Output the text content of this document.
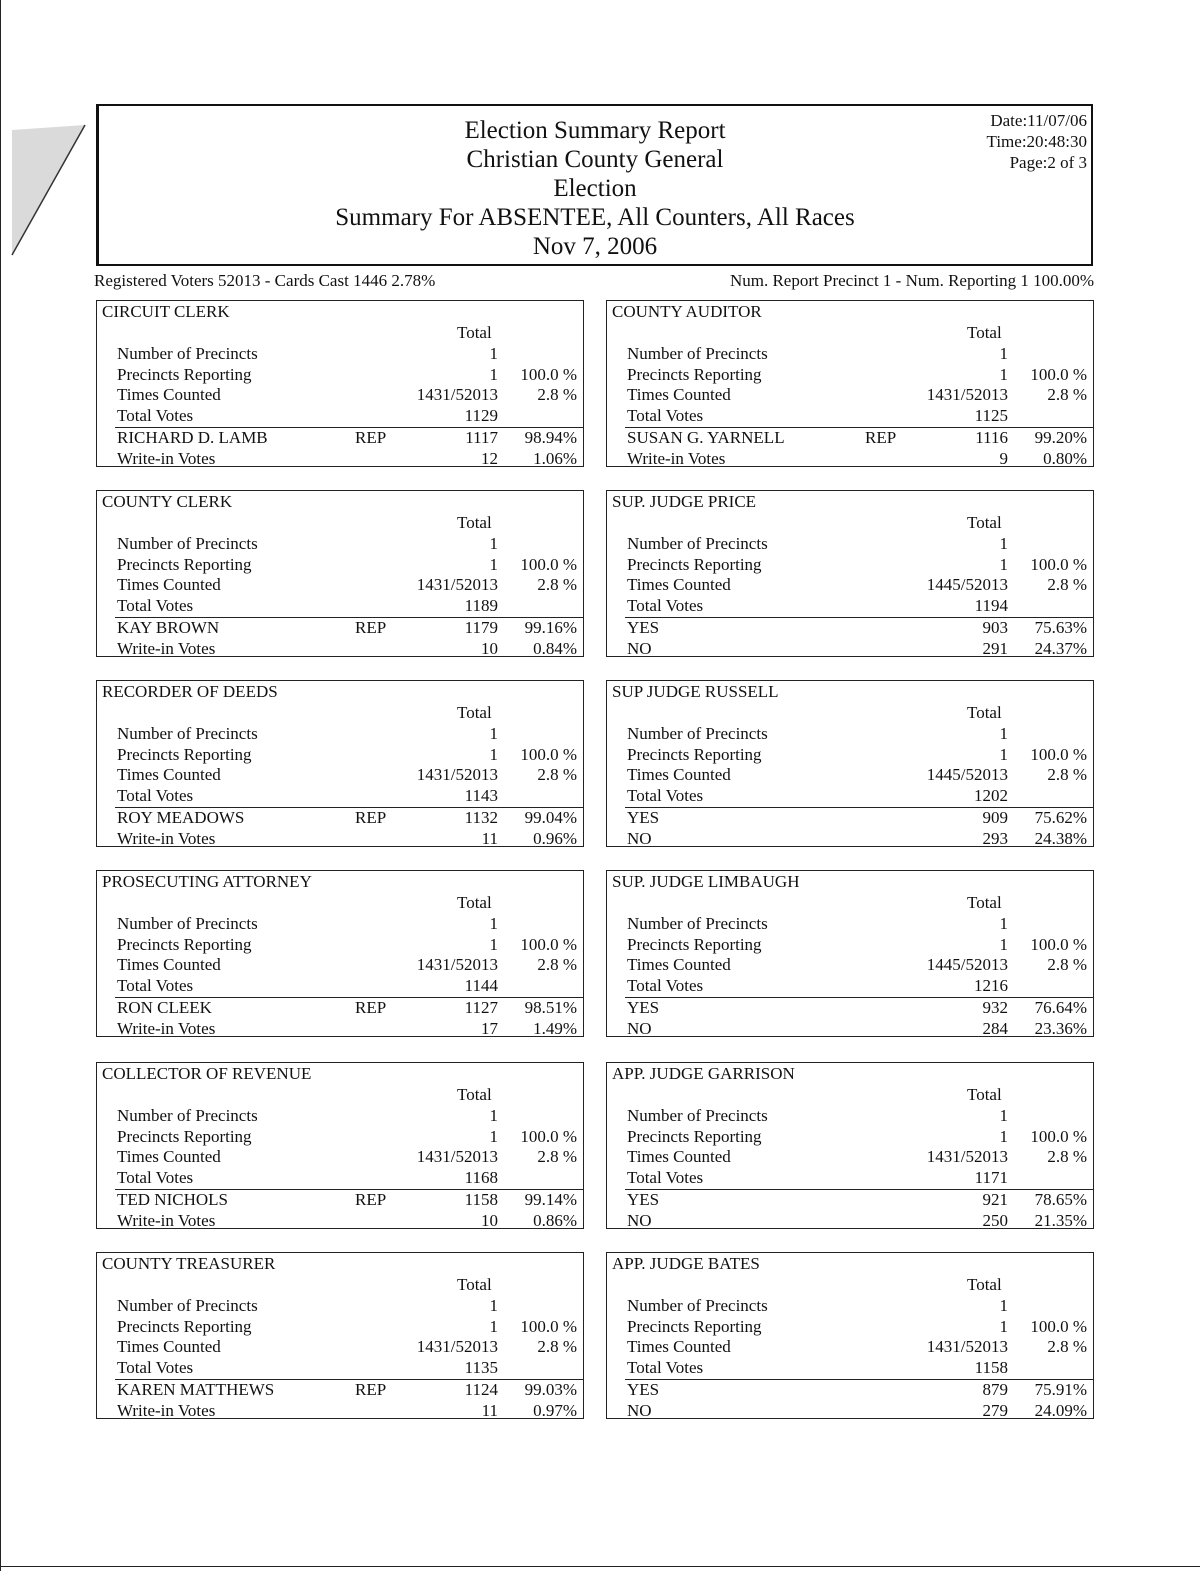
Election Summary Report
Christian County General
Election
Summary For ABSENTEE, All Counters, All Races
Nov 7, 2006
Date:11/07/06
Time:20:48:30
Page:2 of 3
Registered Voters 52013 - Cards Cast 1446 2.78%	Num. Report Precinct 1 - Num. Reporting 1 100.00%
CIRCUIT CLERK
Total
Number of Precincts	1
Precincts Reporting	1 100.0 %
Times Counted	1431/52013 2.8 %
Total Votes	1129
RICHARD D. LAMB	REP	1117 98.94%
Write-in Votes	12 1.06%
COUNTY AUDITOR
Total
Number of Precincts	1
Precincts Reporting	1 100.0 %
Times Counted	1431/52013 2.8 %
Total Votes	1125
SUSAN G. YARNELL	REP	1116 99.20%
Write-in Votes	9 0.80%
COUNTY CLERK
Total
Number of Precincts	1
Precincts Reporting	1 100.0 %
Times Counted	1431/52013 2.8 %
Total Votes	1189
KAY BROWN	REP	1179 99.16%
Write-in Votes	10 0.84%
SUP. JUDGE PRICE
Total
Number of Precincts	1
Precincts Reporting	1 100.0 %
Times Counted	1445/52013 2.8 %
Total Votes	1194
YES	903 75.63%
NO	291 24.37%
RECORDER OF DEEDS
Total
Number of Precincts	1
Precincts Reporting	1 100.0 %
Times Counted	1431/52013 2.8 %
Total Votes	1143
ROY MEADOWS	REP	1132 99.04%
Write-in Votes	11 0.96%
SUP JUDGE RUSSELL
Total
Number of Precincts	1
Precincts Reporting	1 100.0 %
Times Counted	1445/52013 2.8 %
Total Votes	1202
YES	909 75.62%
NO	293 24.38%
PROSECUTING ATTORNEY
Total
Number of Precincts	1
Precincts Reporting	1 100.0 %
Times Counted	1431/52013 2.8 %
Total Votes	1144
RON CLEEK	REP	1127 98.51%
Write-in Votes	17 1.49%
SUP. JUDGE LIMBAUGH
Total
Number of Precincts	1
Precincts Reporting	1 100.0 %
Times Counted	1445/52013 2.8 %
Total Votes	1216
YES	932 76.64%
NO	284 23.36%
COLLECTOR OF REVENUE
Total
Number of Precincts	1
Precincts Reporting	1 100.0 %
Times Counted	1431/52013 2.8 %
Total Votes	1168
TED NICHOLS	REP	1158 99.14%
Write-in Votes	10 0.86%
APP. JUDGE GARRISON
Total
Number of Precincts	1
Precincts Reporting	1 100.0 %
Times Counted	1431/52013 2.8 %
Total Votes	1171
YES	921 78.65%
NO	250 21.35%
COUNTY TREASURER
Total
Number of Precincts	1
Precincts Reporting	1 100.0 %
Times Counted	1431/52013 2.8 %
Total Votes	1135
KAREN MATTHEWS	REP	1124 99.03%
Write-in Votes	11 0.97%
APP. JUDGE BATES
Total
Number of Precincts	1
Precincts Reporting	1 100.0 %
Times Counted	1431/52013 2.8 %
Total Votes	1158
YES	879 75.91%
NO	279 24.09%
